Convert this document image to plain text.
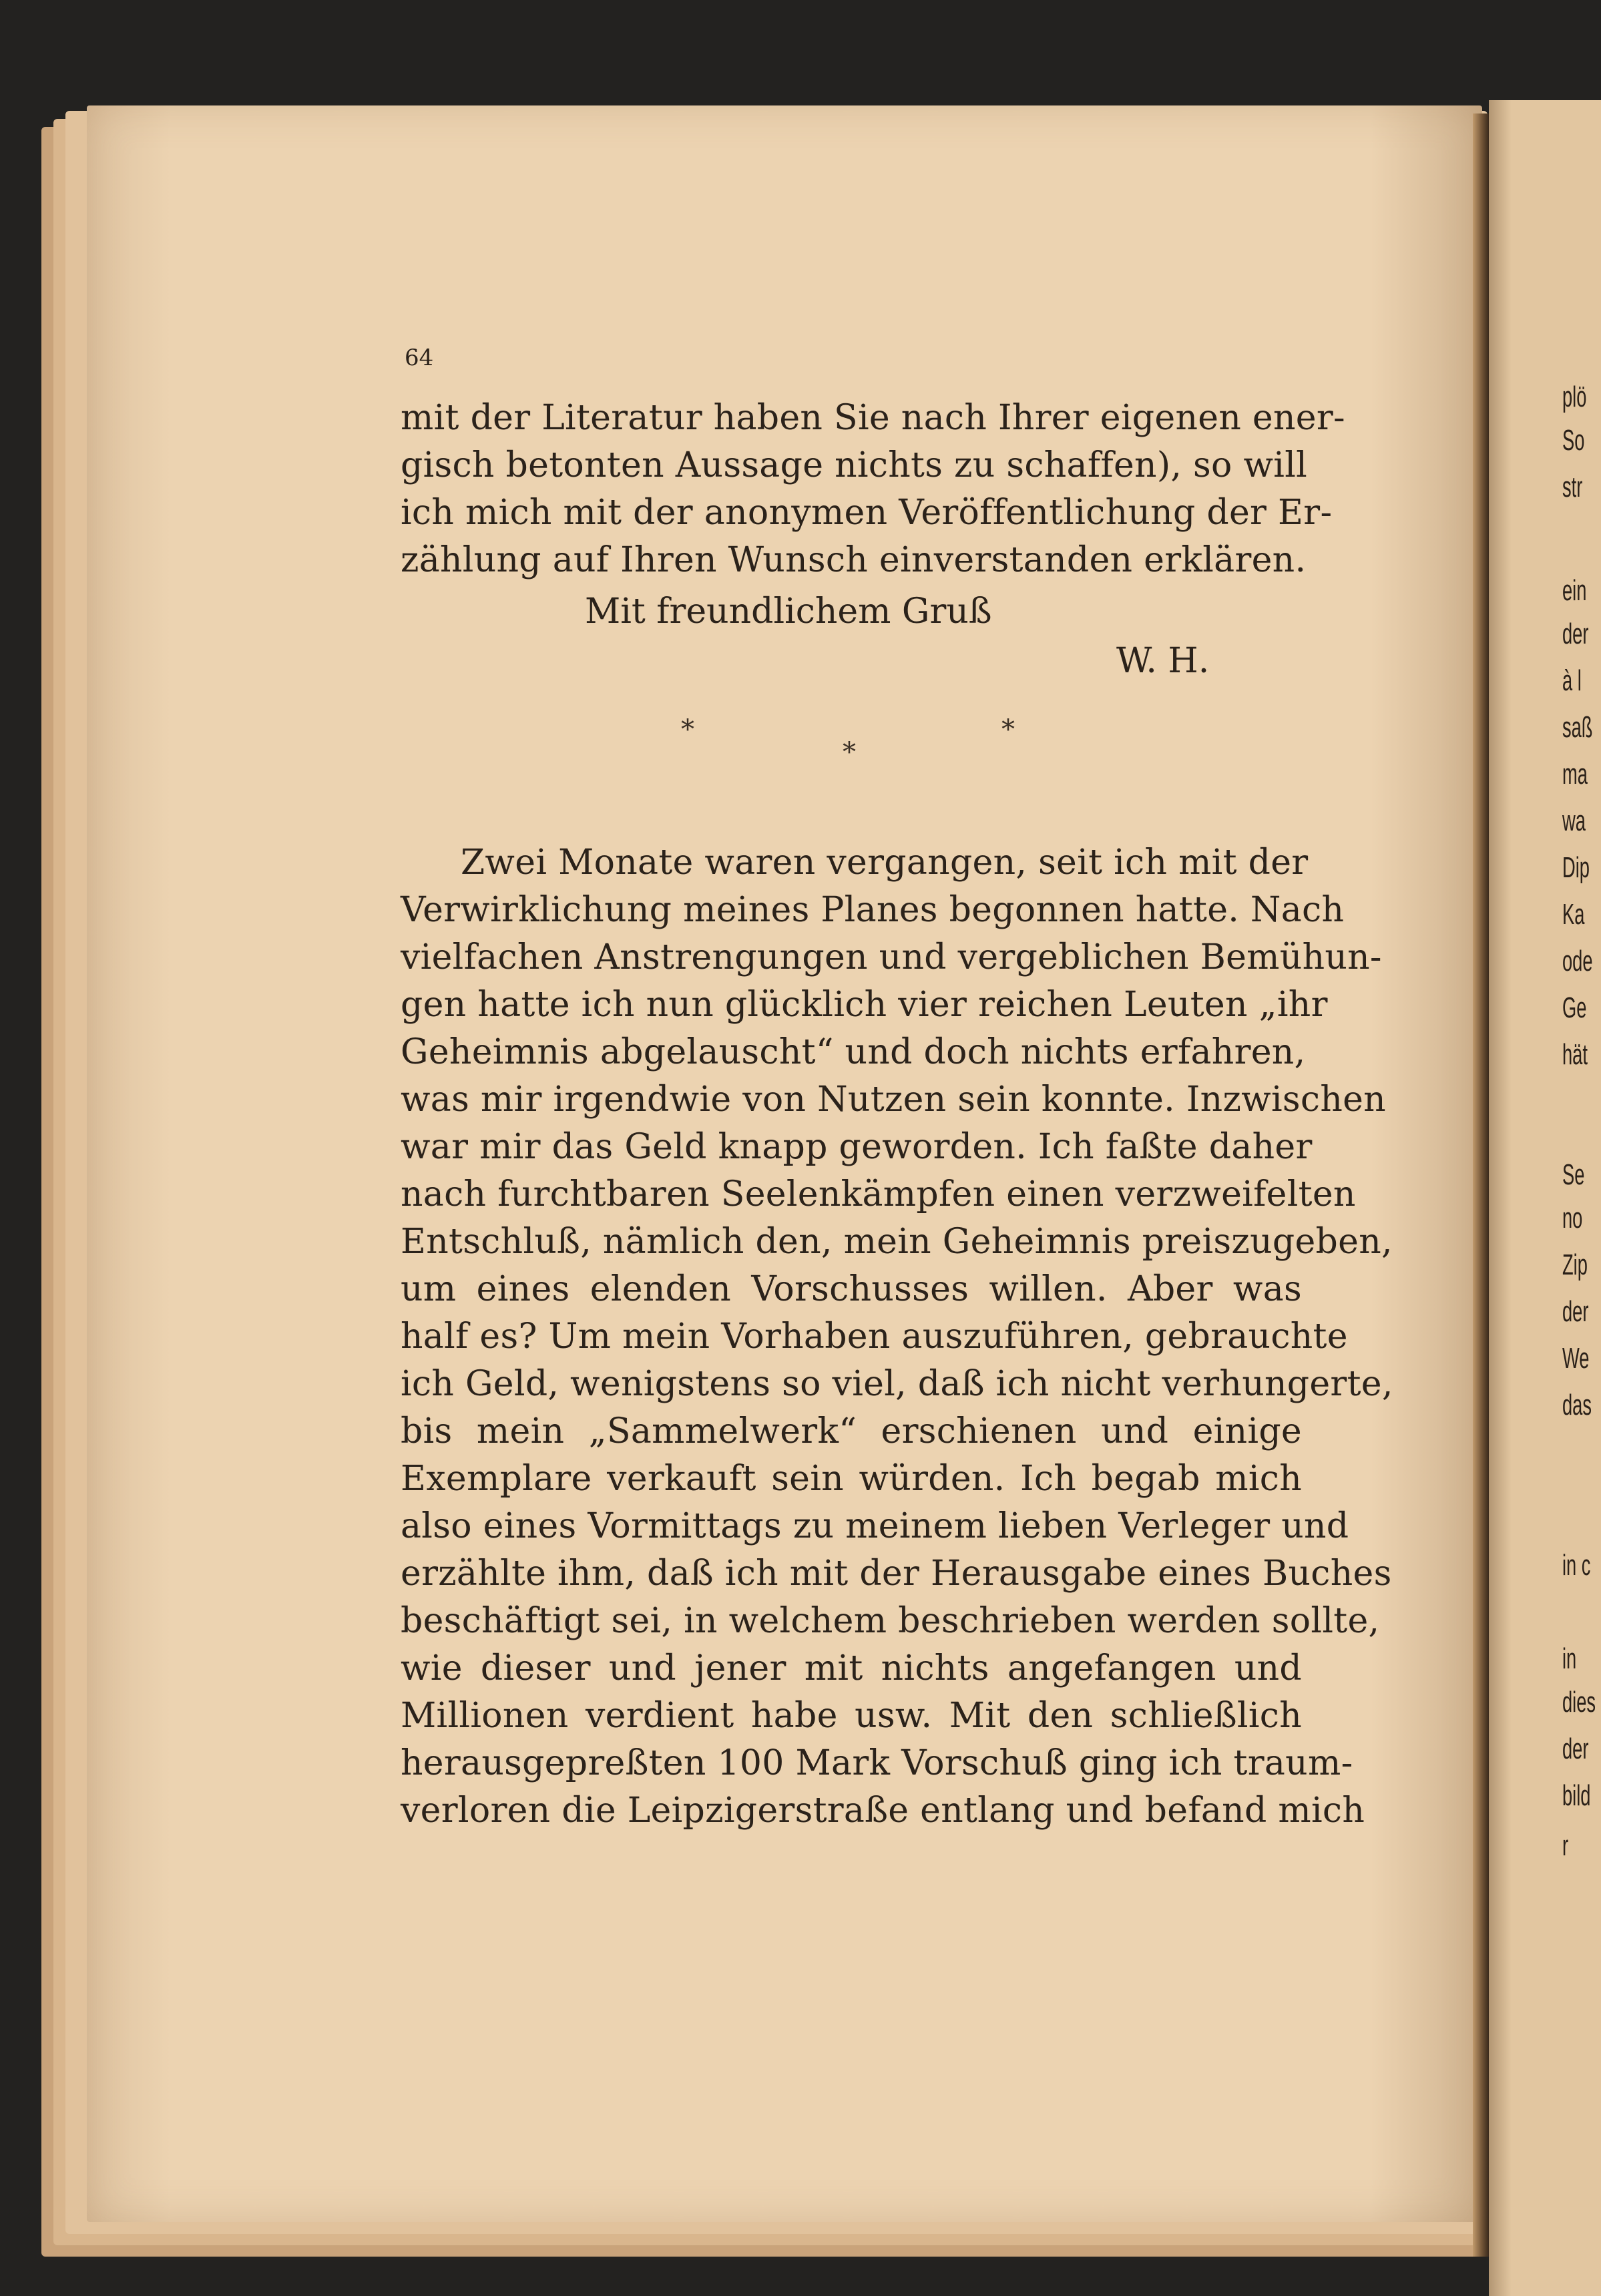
plö
So
str
ein
der
à l
saß
ma
wa
Dip
Ka
ode
Ge
hät
Se
no
Zip
der
We
das
in c
in
dies
der
bild
r
64
mit der Literatur haben Sie nach Ihrer eigenen ener-
gisch betonten Aussage nichts zu schaffen), so will
ich mich mit der anonymen Veröffentlichung der Er-
zählung auf Ihren Wunsch einverstanden erklären.
Mit freundlichem Gruß
W. H.
*
*
*
Zwei Monate waren vergangen, seit ich mit der
Verwirklichung meines Planes begonnen hatte. Nach
vielfachen Anstrengungen und vergeblichen Bemühun-
gen hatte ich nun glücklich vier reichen Leuten „ihr
Geheimnis abgelauscht“ und doch nichts erfahren,
was mir irgendwie von Nutzen sein konnte. Inzwischen
war mir das Geld knapp geworden. Ich faßte daher
nach furchtbaren Seelenkämpfen einen verzweifelten
Entschluß, nämlich den, mein Geheimnis preiszugeben,
um eines elenden Vorschusses willen. Aber was
half es? Um mein Vorhaben auszuführen, gebrauchte
ich Geld, wenigstens so viel, daß ich nicht verhungerte,
bis mein „Sammelwerk“ erschienen und einige
Exemplare verkauft sein würden. Ich begab mich
also eines Vormittags zu meinem lieben Verleger und
erzählte ihm, daß ich mit der Herausgabe eines Buches
beschäftigt sei, in welchem beschrieben werden sollte,
wie dieser und jener mit nichts angefangen und
Millionen verdient habe usw. Mit den schließlich
herausgepreßten 100 Mark Vorschuß ging ich traum-
verloren die Leipzigerstraße entlang und befand mich
